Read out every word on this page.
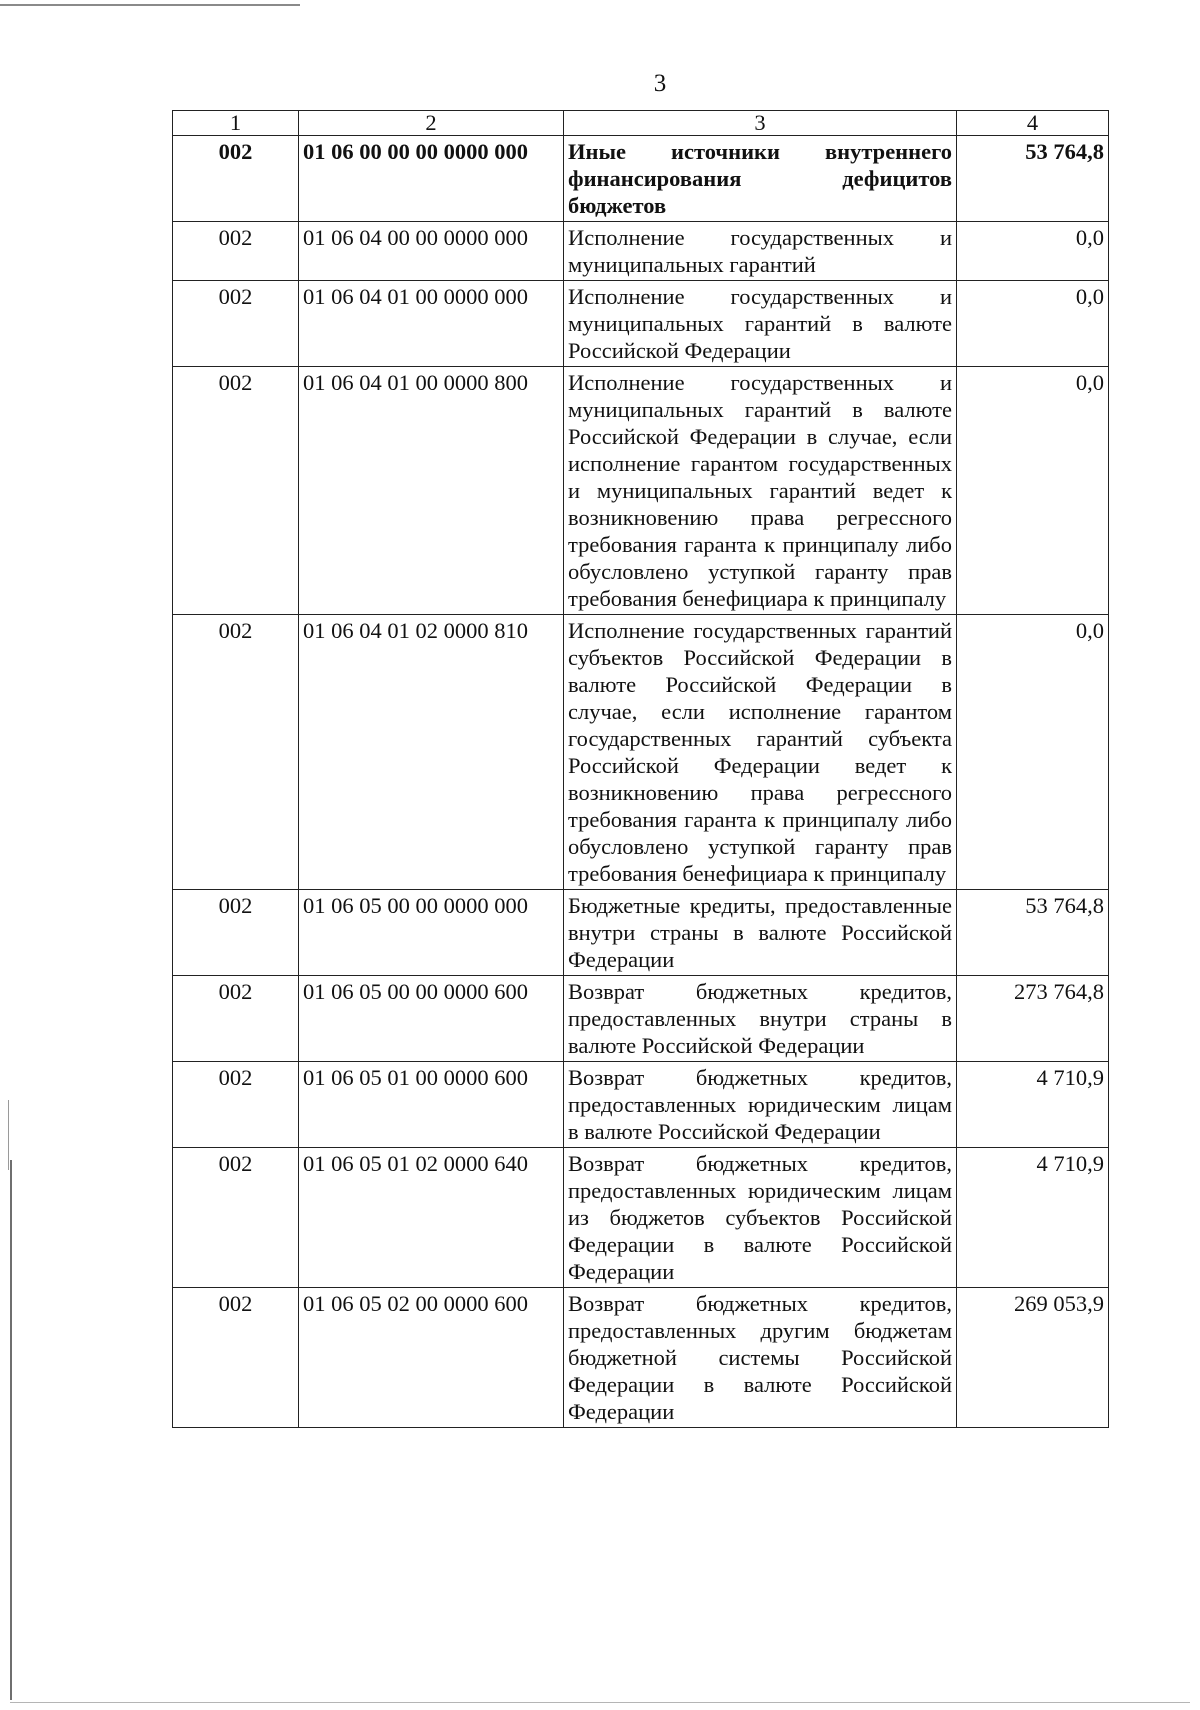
3
1	2	3	4
002	01 06 00 00 00 0000 000	Иные источники внутреннего финансирования дефицитов бюджетов	53 764,8
002	01 06 04 00 00 0000 000	Исполнение государственных и муниципальных гарантий	0,0
002	01 06 04 01 00 0000 000	Исполнение государственных и муниципальных гарантий в валюте Российской Федерации	0,0
002	01 06 04 01 00 0000 800	Исполнение государственных и муниципальных гарантий в валюте Российской Федерации в случае, если исполнение гарантом государственных и муниципальных гарантий ведет к возникновению права регрессного требования гаранта к принципалу либо обусловлено уступкой гаранту прав требования бенефициара к принципалу	0,0
002	01 06 04 01 02 0000 810	Исполнение государственных гарантий субъектов Российской Федерации в валюте Российской Федерации в случае, если исполнение гарантом государственных гарантий субъекта Российской Федерации ведет к возникновению права регрессного требования гаранта к принципалу либо обусловлено уступкой гаранту прав требования бенефициара к принципалу	0,0
002	01 06 05 00 00 0000 000	Бюджетные кредиты, предоставленные внутри страны в валюте Российской Федерации	53 764,8
002	01 06 05 00 00 0000 600	Возврат бюджетных кредитов, предоставленных внутри страны в валюте Российской Федерации	273 764,8
002	01 06 05 01 00 0000 600	Возврат бюджетных кредитов, предоставленных юридическим лицам в валюте Российской Федерации	4 710,9
002	01 06 05 01 02 0000 640	Возврат бюджетных кредитов, предоставленных юридическим лицам из бюджетов субъектов Российской Федерации в валюте Российской Федерации	4 710,9
002	01 06 05 02 00 0000 600	Возврат бюджетных кредитов, предоставленных другим бюджетам бюджетной системы Российской Федерации в валюте Российской Федерации	269 053,9
